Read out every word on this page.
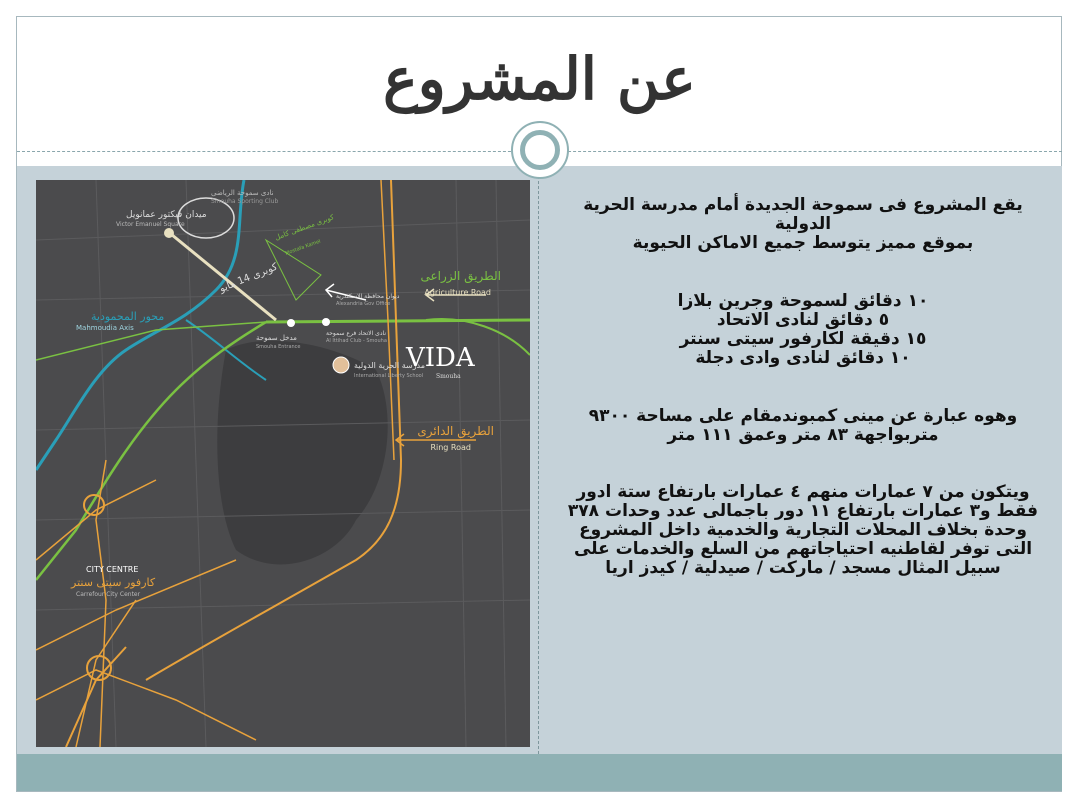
عن المشروع
الطريق الزراعى
Agriculture Road
الطريق الدائرى
Ring Road
محور المحمودية
Mahmoudia Axis
ميدان فيكتور عمانويل
Victor Emanuel Square
نادى سموحة الرياضى
Smouha Sporting Club
كوبرى 14 مايو
مدخل سموحة
Smouha Entrance
كوبرى مصطفى كامل
Mostafa Kamel
ديوان محافظة الاسكندرية
Alexandria Gov Office
نادى الاتحاد فرع سموحة
Al Ittihad Club - Smouha
مدرسة الحرية الدولية
International Liberty School
VIDA
Smouha
CITY CENTRE
كارفور سيتى سنتر
Carrefour City Center

يقع المشروع فى سموحة الجديدة أمام مدرسة الحرية الدولية

بموقع مميز يتوسط جميع الاماكن الحيوية

١٠ دقائق لسموحة وجرين بلازا

٥ دقائق لنادى الاتحاد

١٥ دقيقة لكارفور سيتى سنتر

١٠ دقائق لنادى وادى دجلة

وهوه عبارة عن مينى كمبوندمقام على مساحة ٩٣٠٠ متربواجهة ٨٣ متر وعمق ١١١ متر

ويتكون من ٧ عمارات منهم ٤ عمارات بارتفاع ستة ادور فقط و٣ عمارات بارتفاع ١١ دور باجمالى عدد وحدات ٣٧٨ وحدة بخلاف المحلات التجارية والخدمية داخل المشروع التى توفر لقاطنيه احتياجاتهم من السلع والخدمات على سبيل المثال مسجد / ماركت / صيدلية / كيدز اريا
